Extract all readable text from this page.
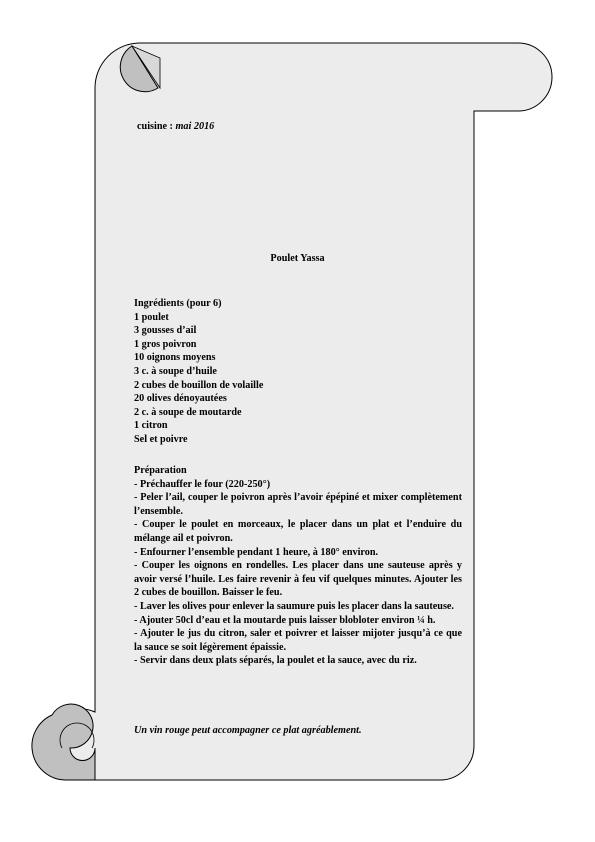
cuisine : mai 2016
Poulet Yassa
Ingrédients (pour 6)
1 poulet
3 gousses d’ail
1 gros poivron
10 oignons moyens
3 c. à soupe d’huile
2 cubes de bouillon de volaille
20 olives dénoyautées
2 c. à soupe de moutarde
1 citron
Sel et poivre
Préparation
- Préchauffer le four (220-250°)
- Peler l’ail, couper le poivron après l’avoir épépiné et mixer complètement l’ensemble.
- Couper le poulet en morceaux, le placer dans un plat et l’enduire du mélange ail et poivron.
- Enfourner l’ensemble pendant 1 heure, à 180° environ.
- Couper les oignons en rondelles. Les placer dans une sauteuse après y avoir versé l’huile. Les faire revenir à feu vif quelques minutes. Ajouter les 2 cubes de bouillon. Baisser le feu.
- Laver les olives pour enlever la saumure puis les placer dans la sauteuse.
- Ajouter 50cl d’eau et la moutarde puis laisser blobloter environ ¼ h.
- Ajouter le jus du citron, saler et poivrer et laisser mijoter jusqu’à ce que la sauce se soit légèrement épaissie.
- Servir dans deux plats séparés, la poulet et la sauce, avec du riz.
Un vin rouge peut accompagner ce plat agréablement.
